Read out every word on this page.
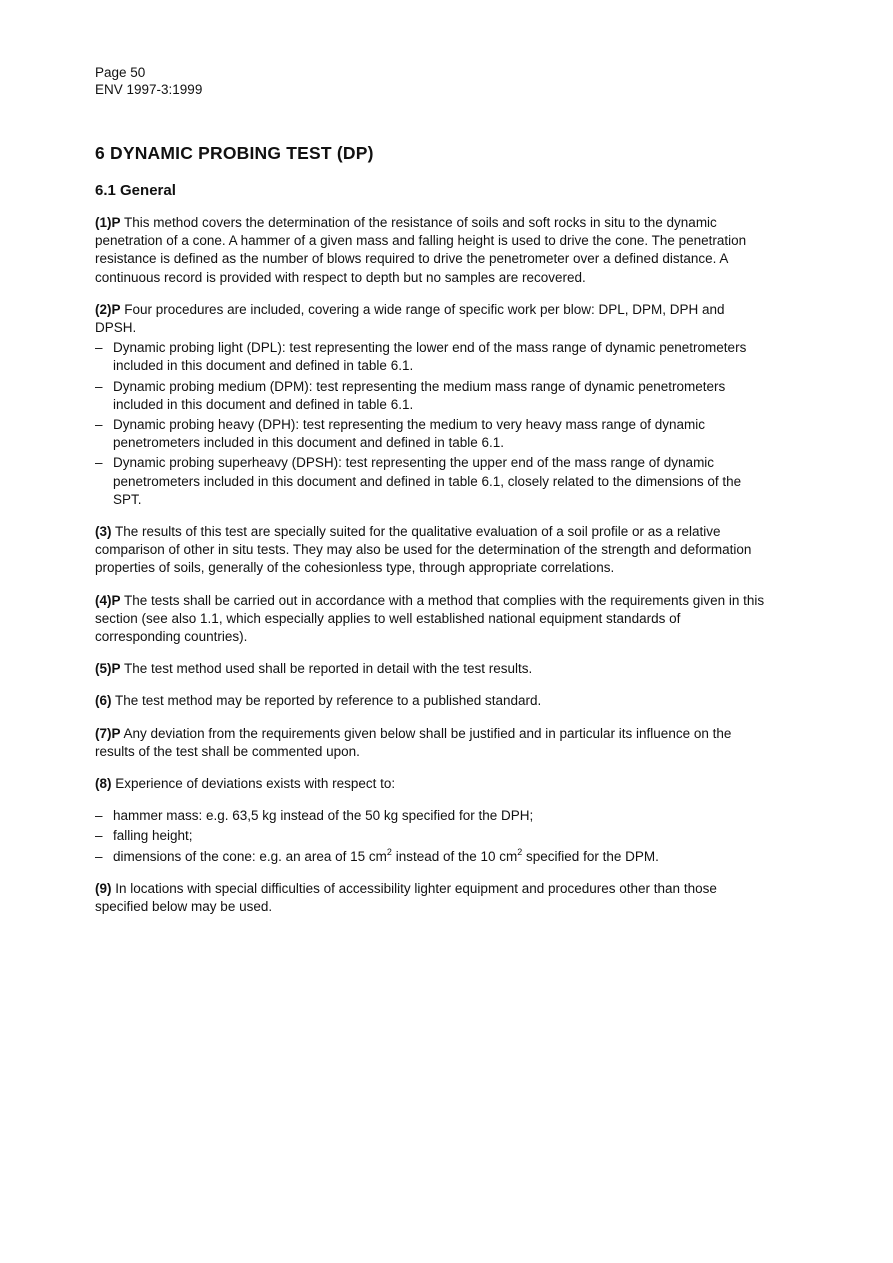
Page 50

ENV 1997-3:1999

6 DYNAMIC PROBING TEST (DP)
6.1 General

(1)P This method covers the determination of the resistance of soils and soft rocks in situ to the dynamic penetration of a cone. A hammer of a given mass and falling height is used to drive the cone. The penetration resistance is defined as the number of blows required to drive the penetrometer over a defined distance. A continuous record is provided with respect to depth but no samples are recovered.

(2)P Four procedures are included, covering a wide range of specific work per blow: DPL, DPM, DPH and DPSH.

– Dynamic probing light (DPL): test representing the lower end of the mass range of dynamic penetrometers included in this document and defined in table 6.1.
– Dynamic probing medium (DPM): test representing the medium mass range of dynamic penetrometers included in this document and defined in table 6.1.
– Dynamic probing heavy (DPH): test representing the medium to very heavy mass range of dynamic penetrometers included in this document and defined in table 6.1.
– Dynamic probing superheavy (DPSH): test representing the upper end of the mass range of dynamic penetrometers included in this document and defined in table 6.1, closely related to the dimensions of the SPT.

(3) The results of this test are specially suited for the qualitative evaluation of a soil profile or as a relative comparison of other in situ tests. They may also be used for the determination of the strength and deformation properties of soils, generally of the cohesionless type, through appropriate correlations.

(4)P The tests shall be carried out in accordance with a method that complies with the requirements given in this section (see also 1.1, which especially applies to well established national equipment standards of corresponding countries).

(5)P The test method used shall be reported in detail with the test results.

(6) The test method may be reported by reference to a published standard.

(7)P Any deviation from the requirements given below shall be justified and in particular its influence on the results of the test shall be commented upon.

(8) Experience of deviations exists with respect to:

– hammer mass: e.g. 63,5 kg instead of the 50 kg specified for the DPH;
– falling height;
– dimensions of the cone: e.g. an area of 15 $cm^2$ instead of the 10 $cm^2$ specified for the DPM.

(9) In locations with special difficulties of accessibility lighter equipment and procedures other than those specified below may be used.
